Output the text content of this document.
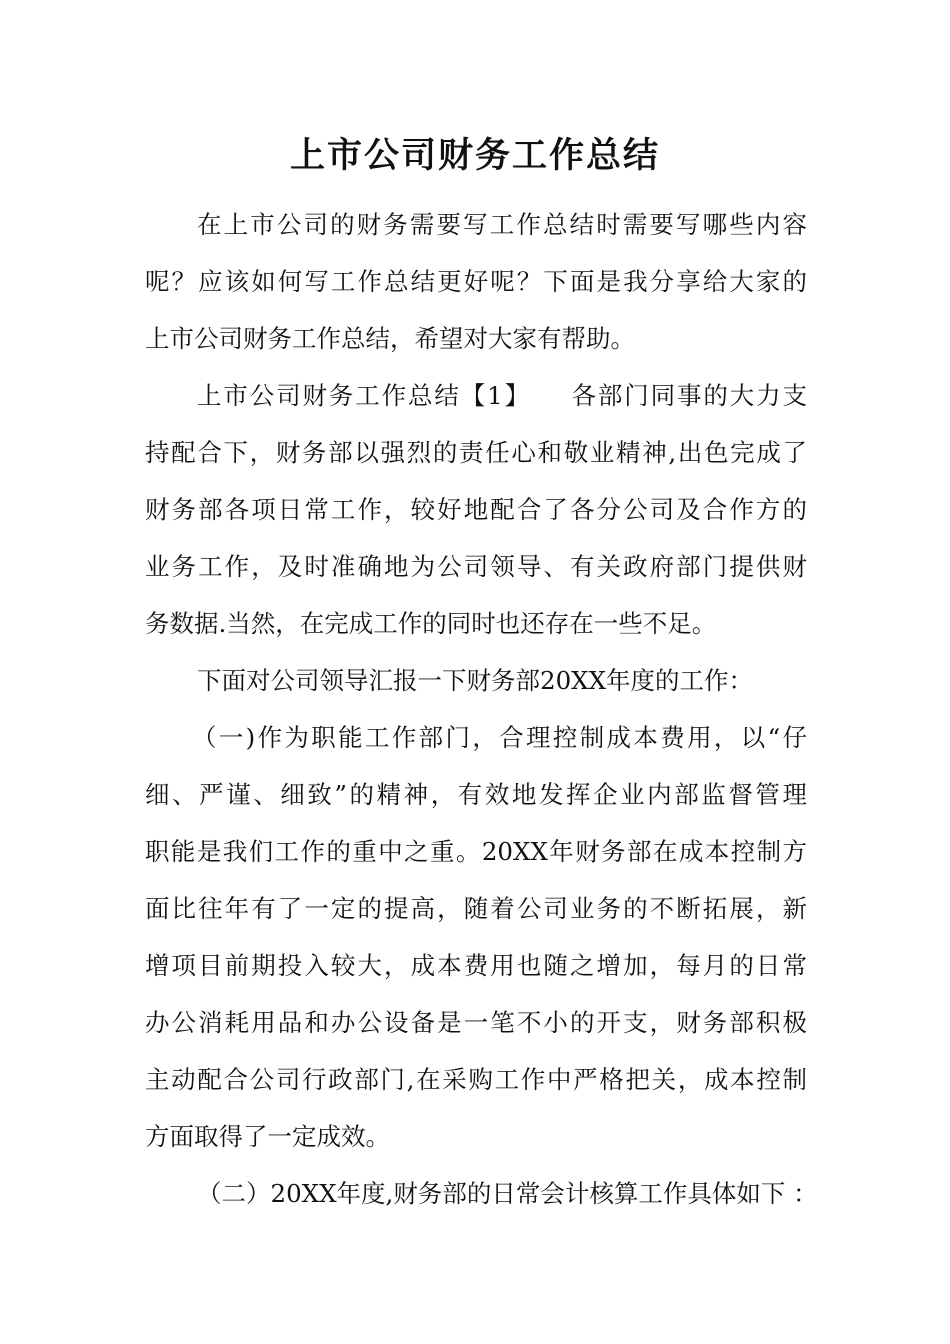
上市公司财务工作总结
在上市公司的财务需要写工作总结时需要写哪些内容
呢？应该如何写工作总结更好呢？下面是我分享给大家的
上市公司财务工作总结，希望对大家有帮助。
上市公司财务工作总结【1】　　各部门同事的大力支
持配合下，财务部以强烈的责任心和敬业精神,出色完成了
财务部各项日常工作，较好地配合了各分公司及合作方的
业务工作，及时准确地为公司领导、有关政府部门提供财
务数据.当然，在完成工作的同时也还存在一些不足。
下面对公司领导汇报一下财务部20XX年度的工作：
（一)作为职能工作部门，合理控制成本费用，以“仔
细、严谨、细致”的精神，有效地发挥企业内部监督管理
职能是我们工作的重中之重。20XX年财务部在成本控制方
面比往年有了一定的提高，随着公司业务的不断拓展，新
增项目前期投入较大，成本费用也随之增加，每月的日常
办公消耗用品和办公设备是一笔不小的开支，财务部积极
主动配合公司行政部门,在采购工作中严格把关，成本控制
方面取得了一定成效。
（二）20XX年度,财务部的日常会计核算工作具体如下 ：
